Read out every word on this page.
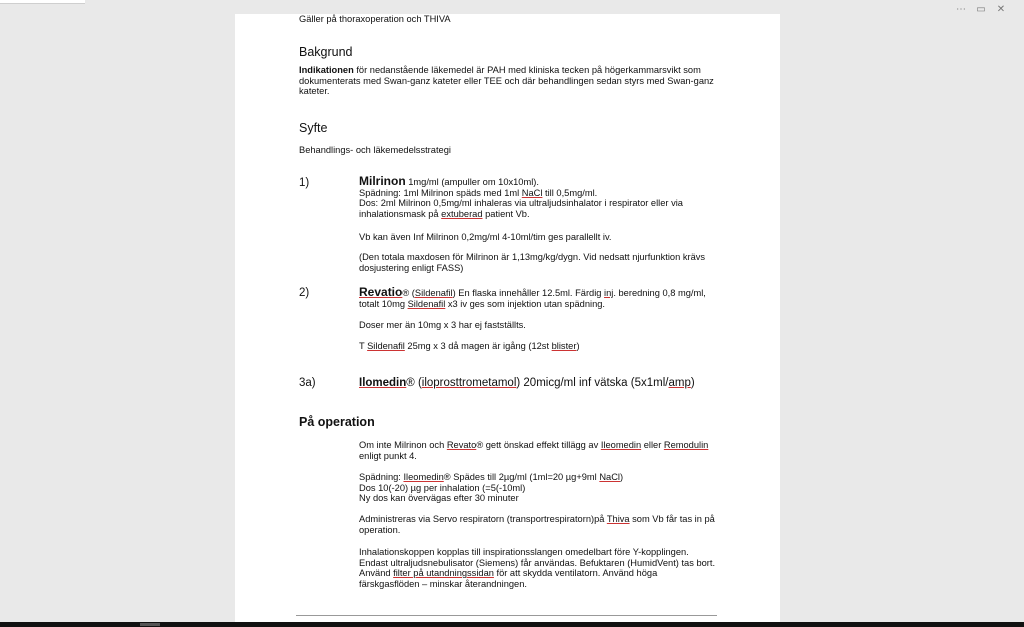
⋯ ▭ ✕
Gäller på thoraxoperation och THIVA
Bakgrund
Indikationen för nedanstående läkemedel är PAH med kliniska tecken på högerkammarsvikt som
dokumenterats med Swan-ganz kateter eller TEE och där behandlingen sedan styrs med Swan-ganz
kateter.
Syfte
Behandlings- och läkemedelsstrategi
1)	Milrinon 1mg/ml (ampuller om 10x10ml).
Spädning: 1ml Milrinon späds med 1ml NaCl till 0,5mg/ml.
Dos: 2ml Milrinon 0,5mg/ml inhaleras via ultraljudsinhalator i respirator eller via
inhalationsmask på extuberad patient Vb.
Vb kan även Inf Milrinon 0,2mg/ml 4-10ml/tim ges parallellt iv.
(Den totala maxdosen för Milrinon är 1,13mg/kg/dygn. Vid nedsatt njurfunktion krävs
dosjustering enligt FASS)
2)	Revatio® (Sildenafil) En flaska innehåller 12.5ml. Färdig inj. beredning 0,8 mg/ml,
totalt 10mg Sildenafil x3 iv ges som injektion utan spädning.
Doser mer än 10mg x 3 har ej fastställts.
T Sildenafil 25mg x 3 då magen är igång (12st blister)
3a)	Ilomedin® (iloprosttrometamol) 20micg/ml inf vätska (5x1ml/amp)
På operation
Om inte Milrinon och Revato® gett önskad effekt tillägg av Ileomedin eller Remodulin
enligt punkt 4.
Spädning: Ileomedin® Spädes till 2µg/ml (1ml=20 µg+9ml NaCl)
Dos 10(-20) µg per inhalation (=5(-10ml)
Ny dos kan övervägas efter 30 minuter
Administreras via Servo respiratorn (transportrespiratorn)på Thiva som Vb får tas in på
operation.
Inhalationskoppen kopplas till inspirationsslangen omedelbart före Y-kopplingen.
Endast ultraljudsnebulisator (Siemens) får användas. Befuktaren (HumidVent) tas bort.
Använd filter på utandningssidan för att skydda ventilatorn. Använd höga
färskgasflöden – minskar återandningen.
